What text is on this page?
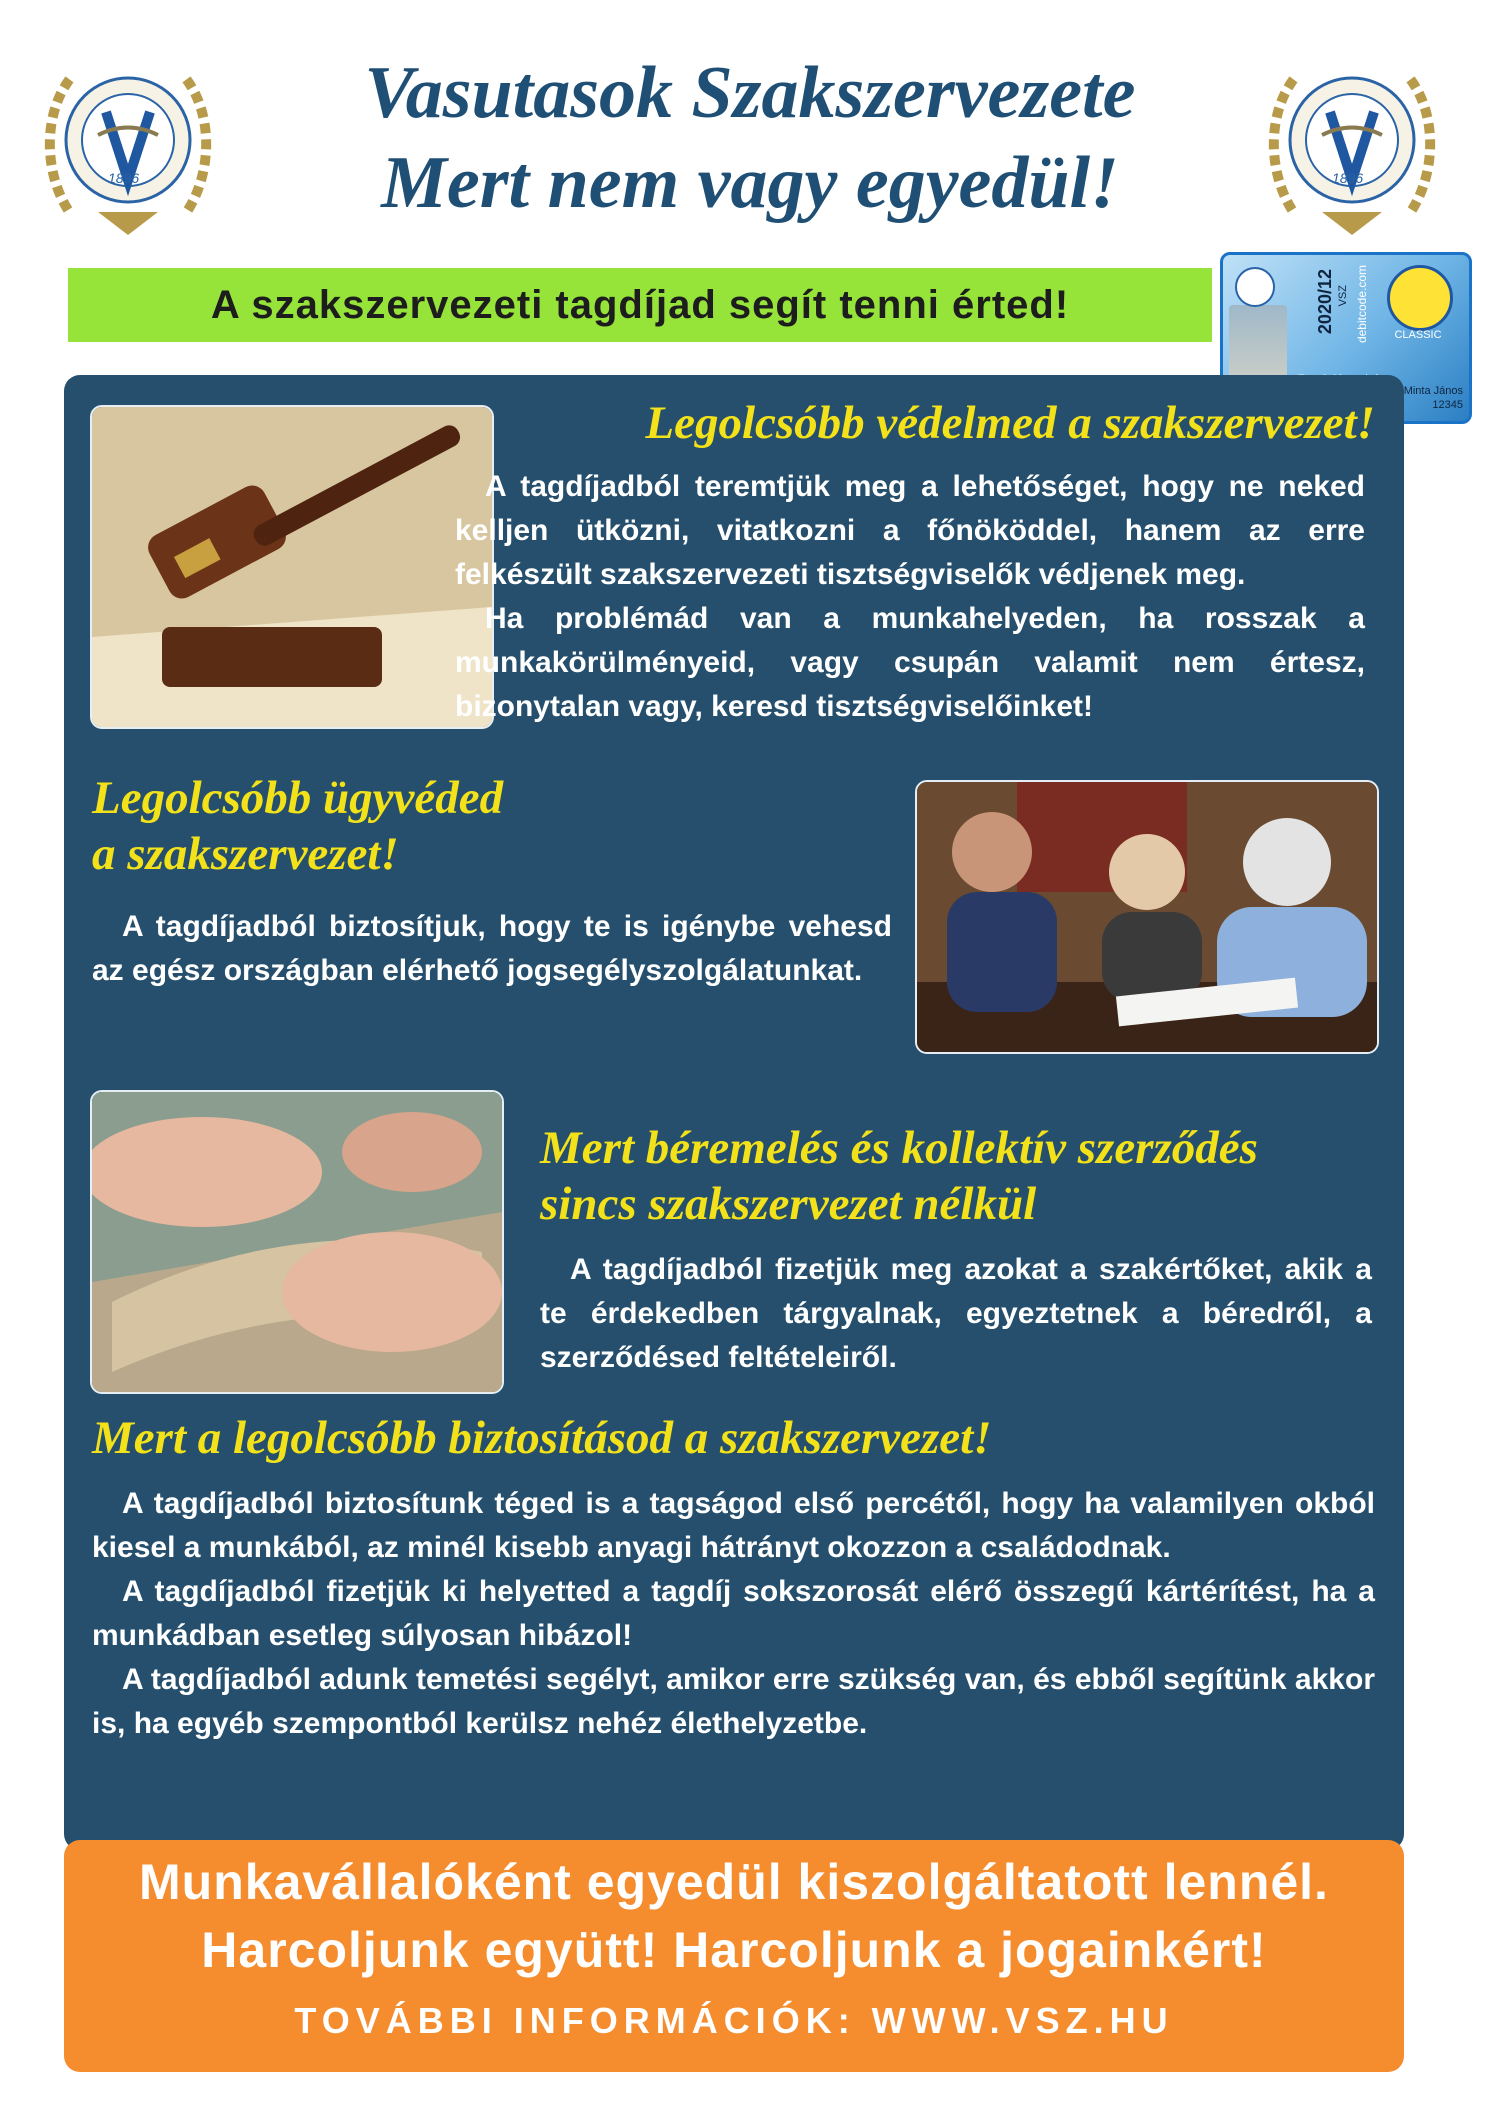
1896
Vasutasok Szakszervezete
Mert nem vagy egyedül!	1896
A szakszervezeti tagdíjad segít tenni érted!	2020/12 VSZ debitcode.com	CLASSIC
Minta János
12345
Legolcsóbb védelmed a szakszervezet!

A tagdíjadból teremtjük meg a lehetőséget, hogy ne neked kelljen ütközni, vitatkozni a főnököddel, hanem az erre felkészült szakszervezeti tisztségviselők védjenek meg.

Ha problémád van a munkahelyeden, ha rosszak a munkakörülményeid, vagy csupán valamit nem értesz, bizonytalan vagy, keresd tisztségviselőinket!

Legolcsóbb ügyvéded
a szakszervezet!

A tagdíjadból biztosítjuk, hogy te is igénybe vehesd az egész országban elérhető jogsegélyszolgálatunkat.

Mert béremelés és kollektív szerződés
sincs szakszervezet nélkül

A tagdíjadból fizetjük meg azokat a szakértőket, akik a te érdekedben tárgyalnak, egyeztetnek a béredről, a szerződésed feltételeiről.

Mert a legolcsóbb biztosításod a szakszervezet!

A tagdíjadból biztosítunk téged is a tagságod első percétől, hogy ha valamilyen okból kiesel a munkából, az minél kisebb anyagi hátrányt okozzon a családodnak.

A tagdíjadból fizetjük ki helyetted a tagdíj sokszorosát elérő összegű kártérítést, ha a munkádban esetleg súlyosan hibázol!

A tagdíjadból adunk temetési segélyt, amikor erre szükség van, és ebből segítünk akkor is, ha egyéb szempontból kerülsz nehéz élethelyzetbe.

Munkavállalóként egyedül kiszolgáltatott lennél.
Harcoljunk együtt! Harcoljunk a jogainkért!
TOVÁBBI INFORMÁCIÓK: WWW.VSZ.HU
